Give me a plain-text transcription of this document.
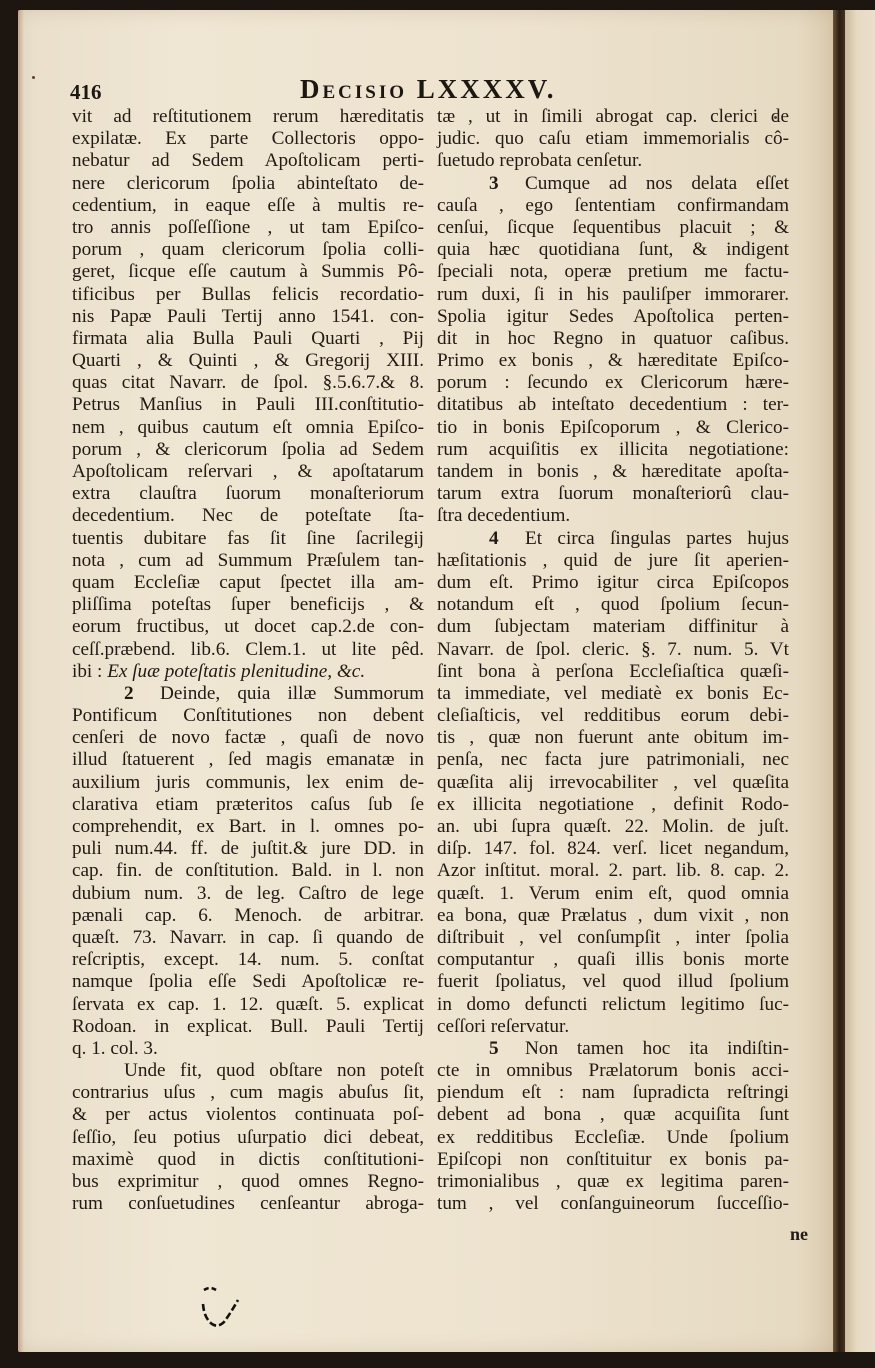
416	Decisio LXXXXV.
vit ad reſtitutionem rerum hæreditatis
expilatæ. Ex parte Collectoris oppo-
nebatur ad Sedem Apoſtolicam perti-
nere clericorum ſpolia abinteſtato de-
cedentium, in eaque eſſe à multis re-
tro annis poſſeſſione , ut tam Epiſco-
porum , quam clericorum ſpolia colli-
geret, ſicque eſſe cautum à Summis Pô-
tificibus per Bullas felicis recordatio-
nis Papæ Pauli Tertij anno 1541. con-
firmata alia Bulla Pauli Quarti , Pij
Quarti , & Quinti , & Gregorij XIII.
quas citat Navarr. de ſpol. §.5.6.7.& 8.
Petrus Manſius in Pauli III.conſtitutio-
nem , quibus cautum eſt omnia Epiſco-
porum , & clericorum ſpolia ad Sedem
Apoſtolicam reſervari , & apoſtatarum
extra clauſtra ſuorum monaſteriorum
decedentium. Nec de poteſtate ſta-
tuentis dubitare fas ſit ſine ſacrilegij
nota , cum ad Summum Præſulem tan-
quam Eccleſiæ caput ſpectet illa am-
pliſſima poteſtas ſuper beneficijs , &
eorum fructibus, ut docet cap.2.de con-
ceſſ.præbend. lib.6. Clem.1. ut lite pêd.
ibi : Ex ſuæ poteſtatis plenitudine, &c.
2 Deinde, quia illæ Summorum
Pontificum Conſtitutiones non debent
cenſeri de novo factæ , quaſi de novo
illud ſtatuerent , ſed magis emanatæ in
auxilium juris communis, lex enim de-
clarativa etiam præteritos caſus ſub ſe
comprehendit, ex Bart. in l. omnes po-
puli num.44. ff. de juſtit.& jure DD. in
cap. fin. de conſtitution. Bald. in l. non
dubium num. 3. de leg. Caſtro de lege
pænali cap. 6. Menoch. de arbitrar.
quæſt. 73. Navarr. in cap. ſi quando de
reſcriptis, except. 14. num. 5. conſtat
namque ſpolia eſſe Sedi Apoſtolicæ re-
ſervata ex cap. 1. 12. quæſt. 5. explicat
Rodoan. in explicat. Bull. Pauli Tertij
q. 1. col. 3.
Unde fit, quod obſtare non poteſt
contrarius uſus , cum magis abuſus ſit,
& per actus violentos continuata poſ-
ſeſſio, ſeu potius uſurpatio dici debeat,
maximè quod in dictis conſtitutioni-
bus exprimitur , quod omnes Regno-
rum conſuetudines cenſeantur abroga-
tæ , ut in ſimili abrogat cap. clerici de
judic. quo caſu etiam immemorialis cô-
ſuetudo reprobata cenſetur.
3 Cumque ad nos delata eſſet
cauſa , ego ſententiam confirmandam
cenſui, ſicque ſequentibus placuit ; &
quia hæc quotidiana ſunt, & indigent
ſpeciali nota, operæ pretium me factu-
rum duxi, ſi in his pauliſper immorarer.
Spolia igitur Sedes Apoſtolica perten-
dit in hoc Regno in quatuor caſibus.
Primo ex bonis , & hæreditate Epiſco-
porum : ſecundo ex Clericorum hære-
ditatibus ab inteſtato decedentium : ter-
tio in bonis Epiſcoporum , & Clerico-
rum acquiſitis ex illicita negotiatione:
tandem in bonis , & hæreditate apoſta-
tarum extra ſuorum monaſteriorû clau-
ſtra decedentium.
4 Et circa ſingulas partes hujus
hæſitationis , quid de jure ſit aperien-
dum eſt. Primo igitur circa Epiſcopos
notandum eſt , quod ſpolium ſecun-
dum ſubjectam materiam diffinitur à
Navarr. de ſpol. cleric. §. 7. num. 5. Vt
ſint bona à perſona Eccleſiaſtica quæſi-
ta immediate, vel mediatè ex bonis Ec-
cleſiaſticis, vel redditibus eorum debi-
tis , quæ non fuerunt ante obitum im-
penſa, nec facta jure patrimoniali, nec
quæſita alij irrevocabiliter , vel quæſita
ex illicita negotiatione , definit Rodo-
an. ubi ſupra quæſt. 22. Molin. de juſt.
diſp. 147. fol. 824. verſ. licet negandum,
Azor inſtitut. moral. 2. part. lib. 8. cap. 2.
quæſt. 1. Verum enim eſt, quod omnia
ea bona, quæ Prælatus , dum vixit , non
diſtribuit , vel conſumpſit , inter ſpolia
computantur , quaſi illis bonis morte
fuerit ſpoliatus, vel quod illud ſpolium
in domo defuncti relictum legitimo ſuc-
ceſſori reſervatur.
5 Non tamen hoc ita indiſtin-
cte in omnibus Prælatorum bonis acci-
piendum eſt : nam ſupradicta reſtringi
debent ad bona , quæ acquiſita ſunt
ex redditibus Eccleſiæ. Unde ſpolium
Epiſcopi non conſtituitur ex bonis pa-
trimonialibus , quæ ex legitima paren-
tum , vel conſanguineorum ſucceſſio-
ne
